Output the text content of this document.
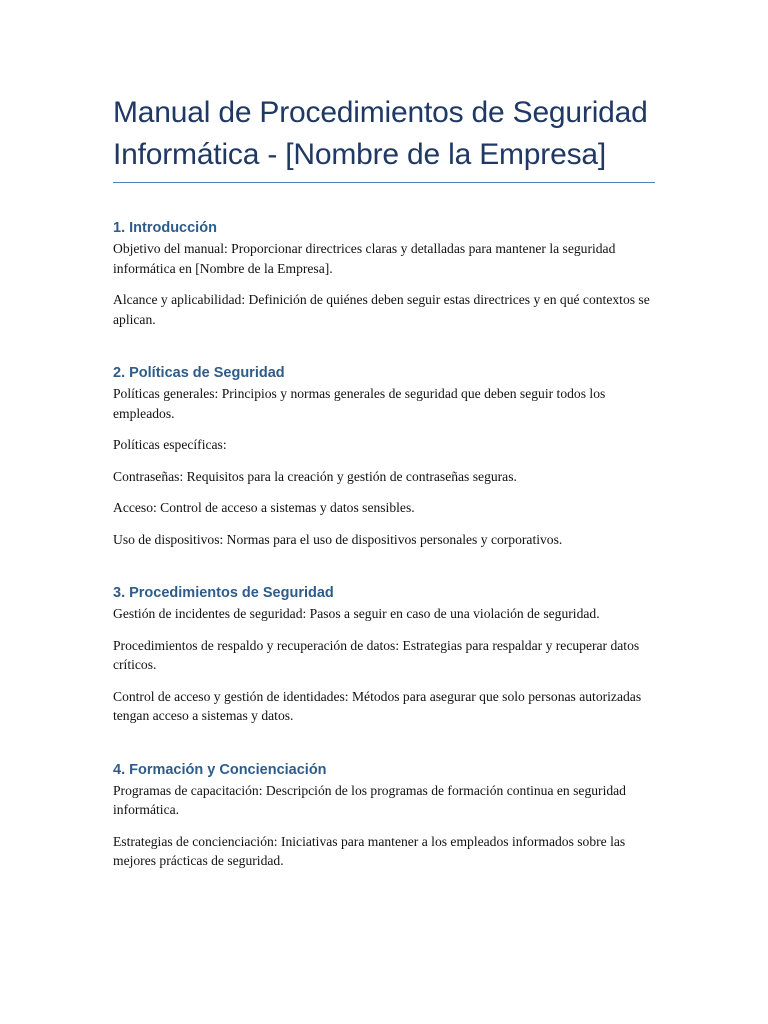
Manual de Procedimientos de Seguridad Informática - [Nombre de la Empresa]
1. Introducción

Objetivo del manual: Proporcionar directrices claras y detalladas para mantener la seguridad informática en [Nombre de la Empresa].

Alcance y aplicabilidad: Definición de quiénes deben seguir estas directrices y en qué contextos se aplican.

2. Políticas de Seguridad

Políticas generales: Principios y normas generales de seguridad que deben seguir todos los empleados.

Políticas específicas:

Contraseñas: Requisitos para la creación y gestión de contraseñas seguras.

Acceso: Control de acceso a sistemas y datos sensibles.

Uso de dispositivos: Normas para el uso de dispositivos personales y corporativos.

3. Procedimientos de Seguridad

Gestión de incidentes de seguridad: Pasos a seguir en caso de una violación de seguridad.

Procedimientos de respaldo y recuperación de datos: Estrategias para respaldar y recuperar datos críticos.

Control de acceso y gestión de identidades: Métodos para asegurar que solo personas autorizadas tengan acceso a sistemas y datos.

4. Formación y Concienciación

Programas de capacitación: Descripción de los programas de formación continua en seguridad informática.

Estrategias de concienciación: Iniciativas para mantener a los empleados informados sobre las mejores prácticas de seguridad.
